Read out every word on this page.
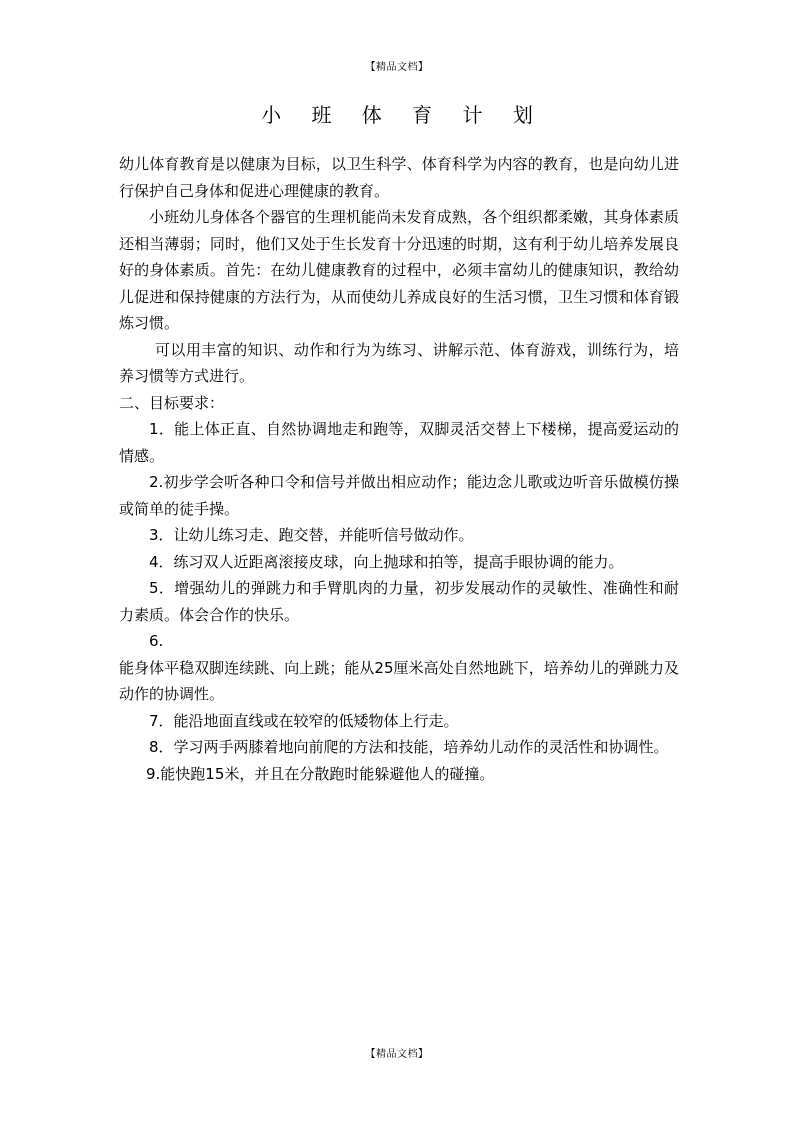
【精品文档】
小 班 体 育 计 划

幼儿体育教育是以健康为目标，以卫生科学、体育科学为内容的教育，也是向幼儿进行保护自己身体和促进心理健康的教育。

小班幼儿身体各个器官的生理机能尚未发育成熟，各个组织都柔嫩，其身体素质还相当薄弱；同时，他们又处于生长发育十分迅速的时期，这有利于幼儿培养发展良好的身体素质。首先：在幼儿健康教育的过程中，必须丰富幼儿的健康知识，教给幼儿促进和保持健康的方法行为，从而使幼儿养成良好的生活习惯，卫生习惯和体育锻炼习惯。

可以用丰富的知识、动作和行为为练习、讲解示范、体育游戏，训练行为，培养习惯等方式进行。

二、目标要求：

1．能上体正直、自然协调地走和跑等，双脚灵活交替上下楼梯，提高爱运动的情感。

2.初步学会听各种口令和信号并做出相应动作；能边念儿歌或边听音乐做模仿操或简单的徒手操。

3．让幼儿练习走、跑交替，并能听信号做动作。

4．练习双人近距离滚接皮球，向上抛球和拍等，提高手眼协调的能力。

5．增强幼儿的弹跳力和手臂肌肉的力量，初步发展动作的灵敏性、准确性和耐力素质。体会合作的快乐。

6.

能身体平稳双脚连续跳、向上跳；能从25厘米高处自然地跳下，培养幼儿的弹跳力及动作的协调性。

7．能沿地面直线或在较窄的低矮物体上行走。

8．学习两手两膝着地向前爬的方法和技能，培养幼儿动作的灵活性和协调性。

9.能快跑15米，并且在分散跑时能躲避他人的碰撞。

【精品文档】
